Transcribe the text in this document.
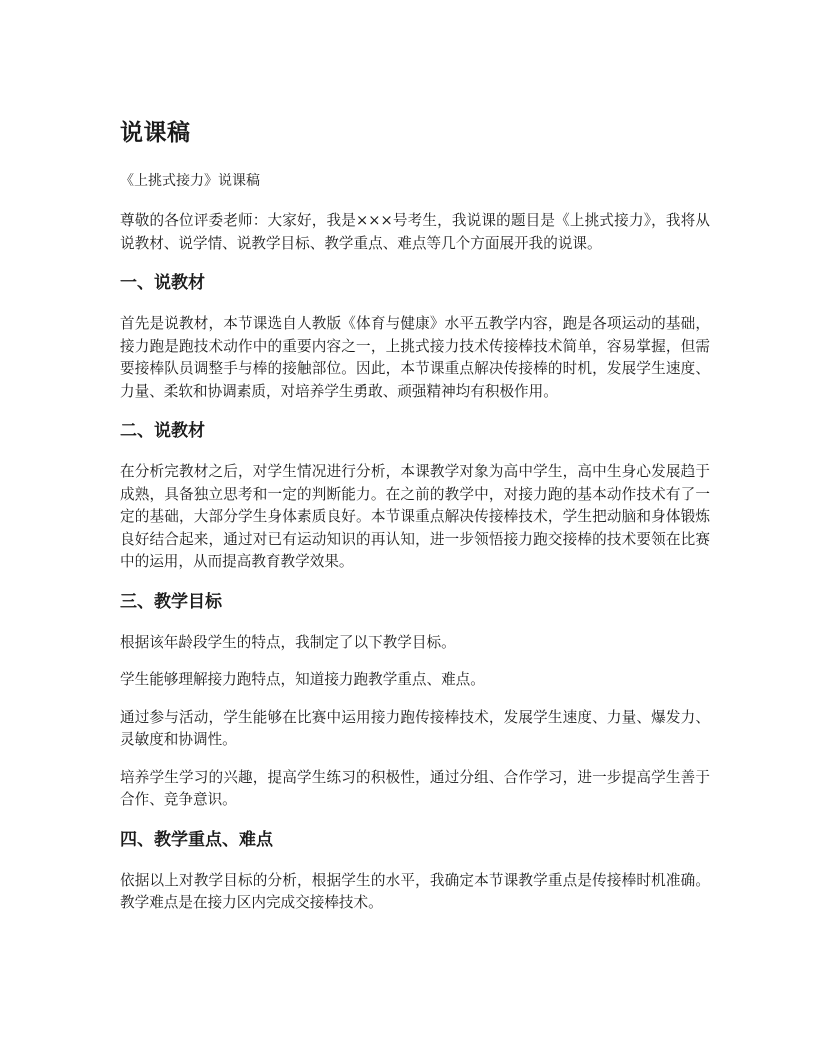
说课稿

《上挑式接力》说课稿

尊敬的各位评委老师：大家好，我是×××号考生，我说课的题目是《上挑式接力》，我将从说教材、说学情、说教学目标、教学重点、难点等几个方面展开我的说课。

一、说教材

首先是说教材，本节课选自人教版《体育与健康》水平五教学内容，跑是各项运动的基础，接力跑是跑技术动作中的重要内容之一，上挑式接力技术传接棒技术简单，容易掌握，但需要接棒队员调整手与棒的接触部位。因此，本节课重点解决传接棒的时机，发展学生速度、力量、柔软和协调素质，对培养学生勇敢、顽强精神均有积极作用。

二、说教材

在分析完教材之后，对学生情况进行分析，本课教学对象为高中学生，高中生身心发展趋于成熟，具备独立思考和一定的判断能力。在之前的教学中，对接力跑的基本动作技术有了一定的基础，大部分学生身体素质良好。本节课重点解决传接棒技术，学生把动脑和身体锻炼良好结合起来，通过对已有运动知识的再认知，进一步领悟接力跑交接棒的技术要领在比赛中的运用，从而提高教育教学效果。

三、教学目标

根据该年龄段学生的特点，我制定了以下教学目标。

学生能够理解接力跑特点，知道接力跑教学重点、难点。

通过参与活动，学生能够在比赛中运用接力跑传接棒技术，发展学生速度、力量、爆发力、灵敏度和协调性。

培养学生学习的兴趣，提高学生练习的积极性，通过分组、合作学习，进一步提高学生善于合作、竞争意识。

四、教学重点、难点

依据以上对教学目标的分析，根据学生的水平，我确定本节课教学重点是传接棒时机准确。教学难点是在接力区内完成交接棒技术。
